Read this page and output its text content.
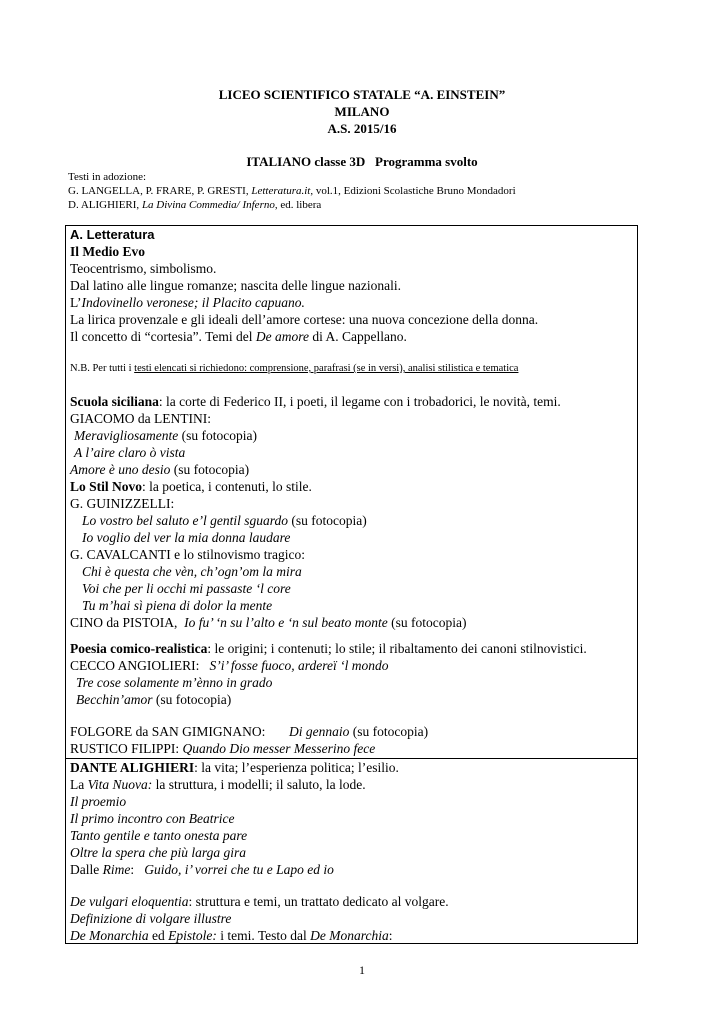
LICEO SCIENTIFICO STATALE “A. EINSTEIN”
MILANO
A.S. 2015/16
ITALIANO classe 3D   Programma svolto
Testi in adozione:
G. LANGELLA, P. FRARE, P. GRESTI, Letteratura.it, vol.1, Edizioni Scolastiche Bruno Mondadori
D. ALIGHIERI, La Divina Commedia/ Inferno, ed. libera
A. Letteratura
Il Medio Evo
Teocentrismo, simbolismo.
Dal latino alle lingue romanze; nascita delle lingue nazionali.
L’Indovinello veronese; il Placito capuano.
La lirica provenzale e gli ideali dell’amore cortese: una nuova concezione della donna.
Il concetto di “cortesia”. Temi del De amore di A. Cappellano.
N.B. Per tutti i testi elencati si richiedono: comprensione, parafrasi (se in versi), analisi stilistica e tematica
Scuola siciliana: la corte di Federico II, i poeti, il legame con i trobadorici, le novità, temi.
GIACOMO da LENTINI:
Meravigliosamente (su fotocopia)
A l’aire claro ò vista
Amore è uno desio (su fotocopia)
Lo Stil Novo: la poetica, i contenuti, lo stile.
G. GUINIZZELLI:
Lo vostro bel saluto e’l gentil sguardo (su fotocopia)
Io voglio del ver la mia donna laudare
G. CAVALCANTI e lo stilnovismo tragico:
Chi è questa che vèn, ch’ogn’om la mira
Voi che per li occhi mi passaste ‘l core
Tu m’hai sì piena di dolor la mente
CINO da PISTOIA,  Io fu’ ‘n su l’alto e ‘n sul beato monte (su fotocopia)
Poesia comico-realistica: le origini; i contenuti; lo stile; il ribaltamento dei canoni stilnovistici.
CECCO ANGIOLIERI:   S’i’ fosse fuoco, ardereï ‘l mondo
Tre cose solamente m’ènno in grado
Becchin’amor (su fotocopia)
FOLGORE da SAN GIMIGNANO:       Di gennaio (su fotocopia)
RUSTICO FILIPPI: Quando Dio messer Messerino fece
DANTE ALIGHIERI: la vita; l’esperienza politica; l’esilio.
La Vita Nuova: la struttura, i modelli; il saluto, la lode.
Il proemio
Il primo incontro con Beatrice
Tanto gentile e tanto onesta pare
Oltre la spera che più larga gira
Dalle Rime:   Guido, i’ vorrei che tu e Lapo ed io
De vulgari eloquentia: struttura e temi, un trattato dedicato al volgare.
Definizione di volgare illustre
De Monarchia ed Epistole: i temi. Testo dal De Monarchia:
1
